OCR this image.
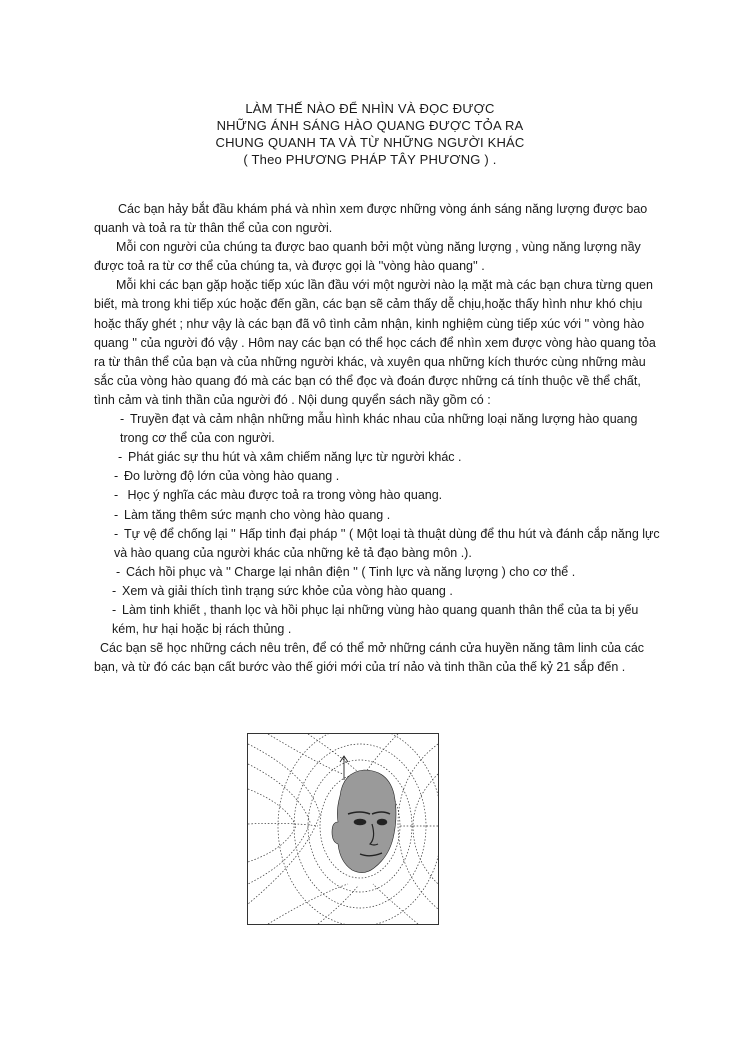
LÀM THẾ NÀO ĐỂ NHÌN VÀ ĐỌC ĐƯỢC
NHỮNG ÁNH SÁNG HÀO QUANG ĐƯỢC TỎA RA
CHUNG QUANH TA VÀ TỪ NHỮNG NGƯỜI KHÁC
( Theo PHƯƠNG PHÁP TÂY PHƯƠNG ) .

Các bạn hảy bắt đầu khám phá và nhìn xem được những vòng ánh sáng năng lượng được bao quanh và toả ra từ thân thể của con người.

Mỗi con người của chúng ta được bao quanh bởi một vùng năng lượng , vùng năng lượng nầy được toả ra từ cơ thể của chúng ta, và được gọi là ''vòng hào quang'' .

Mỗi khi các bạn gặp hoặc tiếp xúc lần đầu với một người nào lạ mặt mà các bạn chưa từng quen biết, mà trong khi tiếp xúc hoặc đến gần, các bạn sẽ cảm thấy dễ chịu,hoặc thấy hình như khó chịu hoặc thấy ghét ; như vậy là các bạn đã vô tình cảm nhận, kinh nghiệm cùng tiếp xúc với '' vòng hào quang '' của người đó vậy . Hôm nay các bạn có thể học cách để nhìn xem được vòng hào quang tỏa ra từ thân thể của bạn và của những người khác, và xuyên qua những kích thước cùng những màu sắc của vòng hào quang đó mà các bạn có thể đọc và đoán được những cá tính thuộc về thể chất, tình cảm và tinh thần của người đó . Nội dung quyển sách nầy gồm có :

- Truyền đạt và cảm nhận những mẫu hình khác nhau của những loại năng lượng hào quang trong cơ thể của con người.
- Phát giác sự thu hút và xâm chiếm năng lực từ người khác .
- Đo lường độ lớn của vòng hào quang .
- Học ý nghĩa các màu được toả ra trong vòng hào quang.
- Làm tăng thêm sức mạnh cho vòng hào quang .
- Tự vệ để chống lại '' Hấp tinh đại pháp '' ( Một loại tà thuật dùng để thu hút và đánh cắp năng lực và hào quang của người khác của những kẻ tả đạo bàng môn .).
- Cách hồi phục và '' Charge lại nhân điện '' ( Tinh lực và năng lượng ) cho cơ thể .
- Xem và giải thích tình trạng sức khỏe của vòng hào quang .
- Làm tinh khiết , thanh lọc và hồi phục lại những vùng hào quang quanh thân thể của ta bị yếu kém, hư hại hoặc bị rách thủng .

Các bạn sẽ học những cách nêu trên, để có thể mở những cánh cửa huyền năng tâm linh của các bạn, và từ đó các bạn cất bước vào thế giới mới của trí nảo và tinh thần của thế kỷ 21 sắp đến .
